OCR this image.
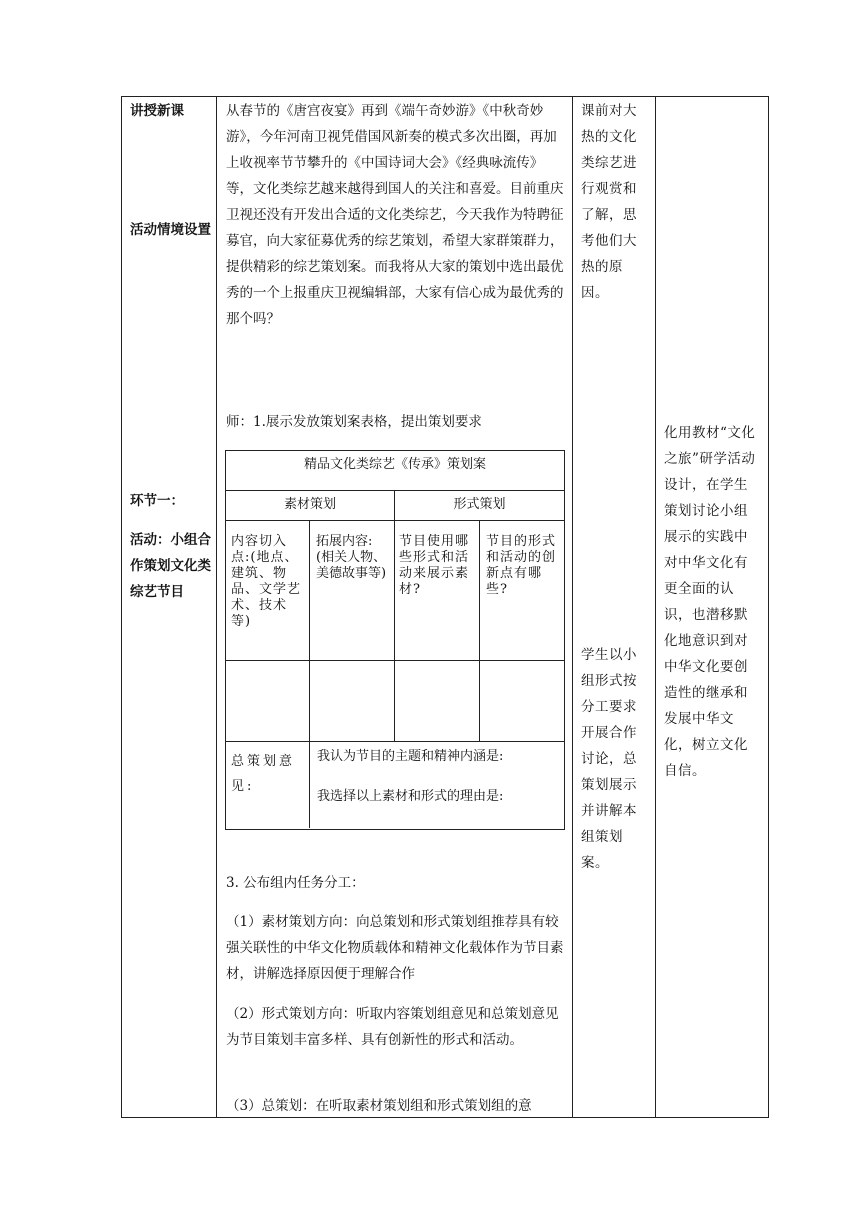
讲授新课
活动情境设置
环节一：
活动：小组合作策划文化类综艺节目
从春节的《唐宫夜宴》再到《端午奇妙游》《中秋奇妙游》，今年河南卫视凭借国风新奏的模式多次出圈，再加上收视率节节攀升的《中国诗词大会》《经典咏流传》等，文化类综艺越来越得到国人的关注和喜爱。目前重庆卫视还没有开发出合适的文化类综艺，今天我作为特聘征募官，向大家征募优秀的综艺策划，希望大家群策群力，提供精彩的综艺策划案。而我将从大家的策划中选出最优秀的一个上报重庆卫视编辑部，大家有信心成为最优秀的那个吗？
师：1.展示发放策划案表格，提出策划要求
精品文化类综艺《传承》策划案
素材策划	形式策划
内容切入点:(地点、建筑、物品、文学艺术、技术等)
拓展内容:(相关人物、美德故事等)
节目使用哪些形式和活动来展示素材?
节目的形式和活动的创新点有哪些?
总策划意见:
我认为节目的主题和精神内涵是:
我选择以上素材和形式的理由是:
3. 公布组内任务分工：
（1）素材策划方向：向总策划和形式策划组推荐具有较强关联性的中华文化物质载体和精神文化载体作为节目素材，讲解选择原因便于理解合作
（2）形式策划方向：听取内容策划组意见和总策划意见为节目策划丰富多样、具有创新性的形式和活动。
（3）总策划：在听取素材策划组和形式策划组的意
课前对大热的文化类综艺进行观赏和了解，思考他们大热的原因。
学生以小组形式按分工要求开展合作讨论，总策划展示并讲解本组策划案。
化用教材“文化之旅”研学活动设计，在学生策划讨论小组展示的实践中对中华文化有更全面的认识，也潜移默化地意识到对中华文化要创造性的继承和发展中华文化，树立文化自信。
